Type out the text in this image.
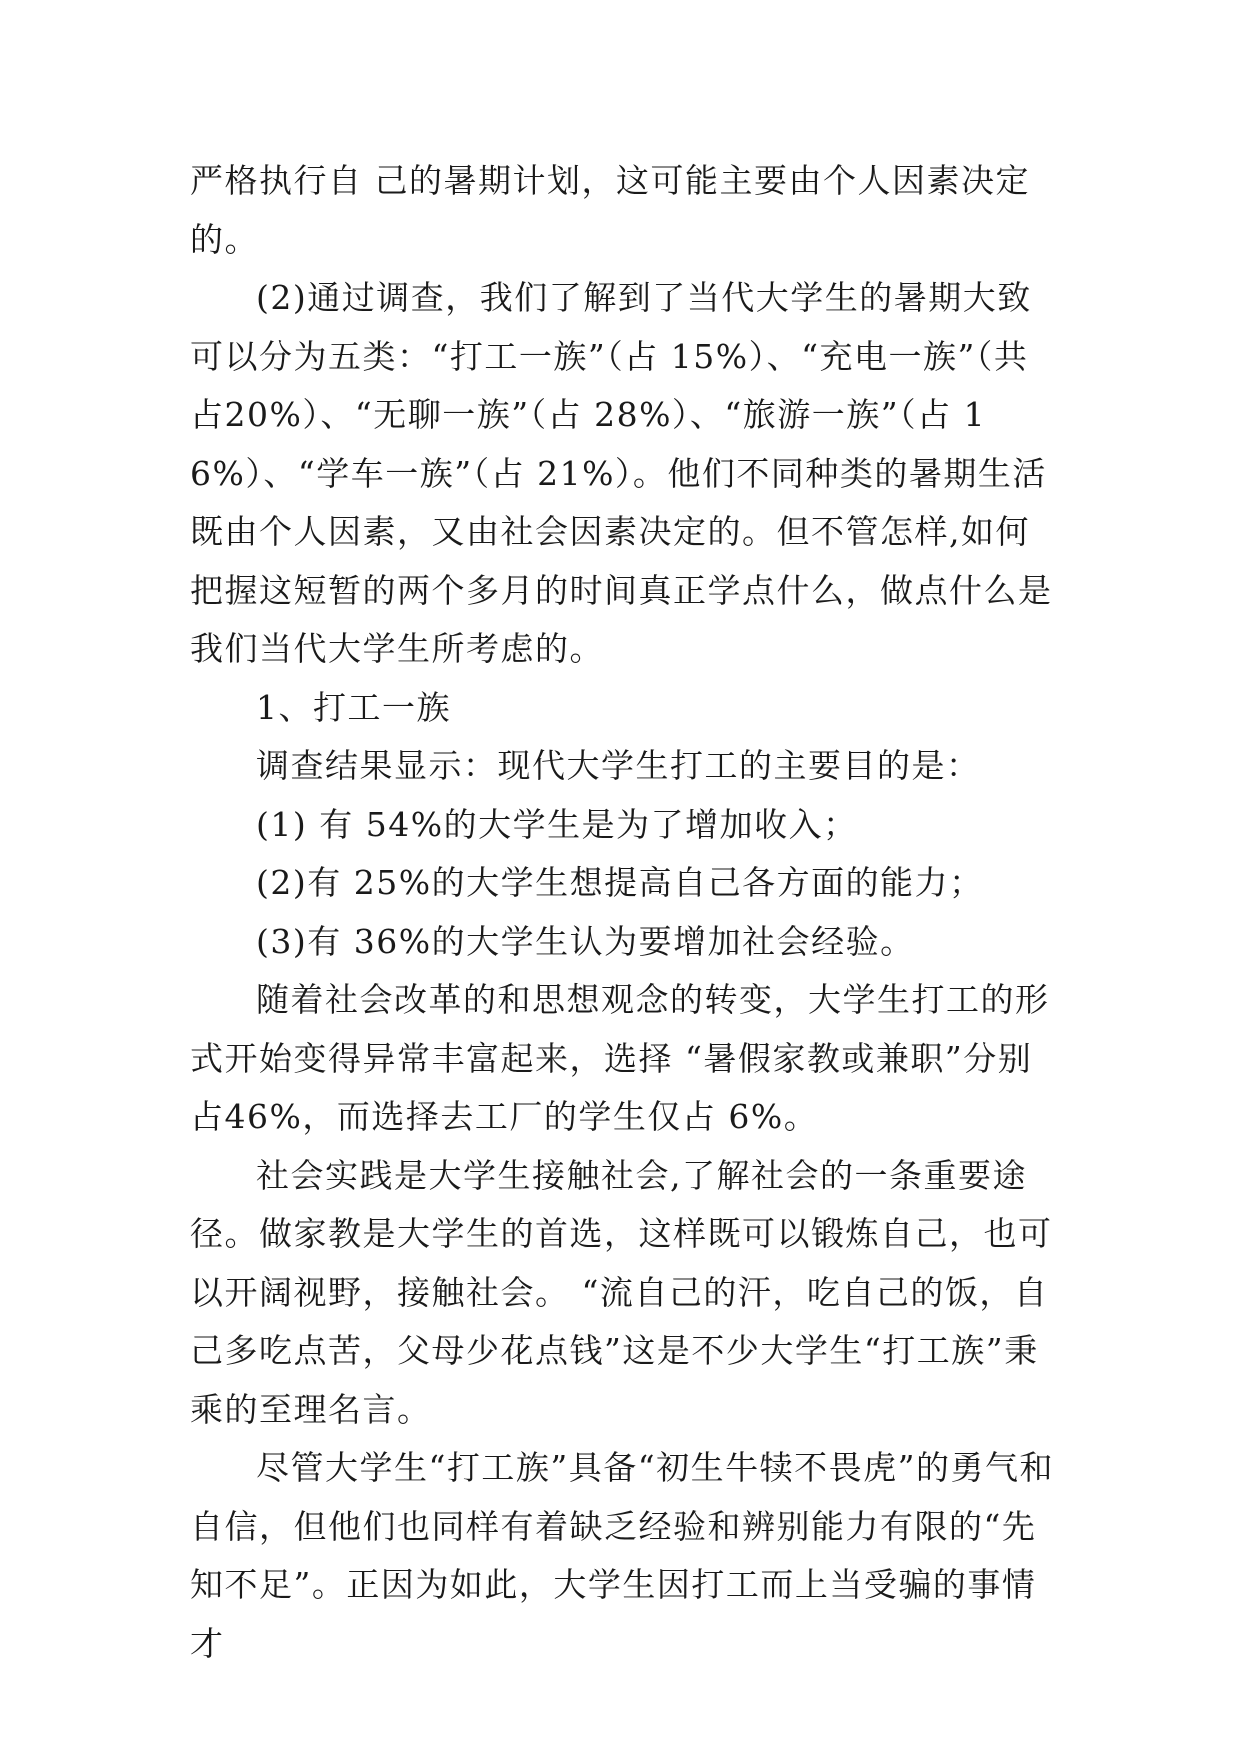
严格执行自 己的暑期计划，这可能主要由个人因素决定的。

(2)通过调查，我们了解到了当代大学生的暑期大致可以分为五类：“打工一族”（占 15%）、“充电一族”（共占20%）、“无聊一族”（占 28%）、“旅游一族”（占 16%）、“学车一族”（占 21%）。他们不同种类的暑期生活既由个人因素，又由社会因素决定的。但不管怎样,如何把握这短暂的两个多月的时间真正学点什么，做点什么是我们当代大学生所考虑的。

1、打工一族

调查结果显示：现代大学生打工的主要目的是：

(1) 有 54%的大学生是为了增加收入；

(2)有 25%的大学生想提高自己各方面的能力；

(3)有 36%的大学生认为要增加社会经验。

随着社会改革的和思想观念的转变，大学生打工的形式开始变得异常丰富起来，选择 “暑假家教或兼职”分别占46%，而选择去工厂的学生仅占 6%。

社会实践是大学生接触社会,了解社会的一条重要途径。做家教是大学生的首选，这样既可以锻炼自己，也可以开阔视野，接触社会。 “流自己的汗，吃自己的饭，自己多吃点苦，父母少花点钱”这是不少大学生“打工族”秉乘的至理名言。

尽管大学生“打工族”具备“初生牛犊不畏虎”的勇气和自信，但他们也同样有着缺乏经验和辨别能力有限的“先知不足”。正因为如此，大学生因打工而上当受骗的事情才
